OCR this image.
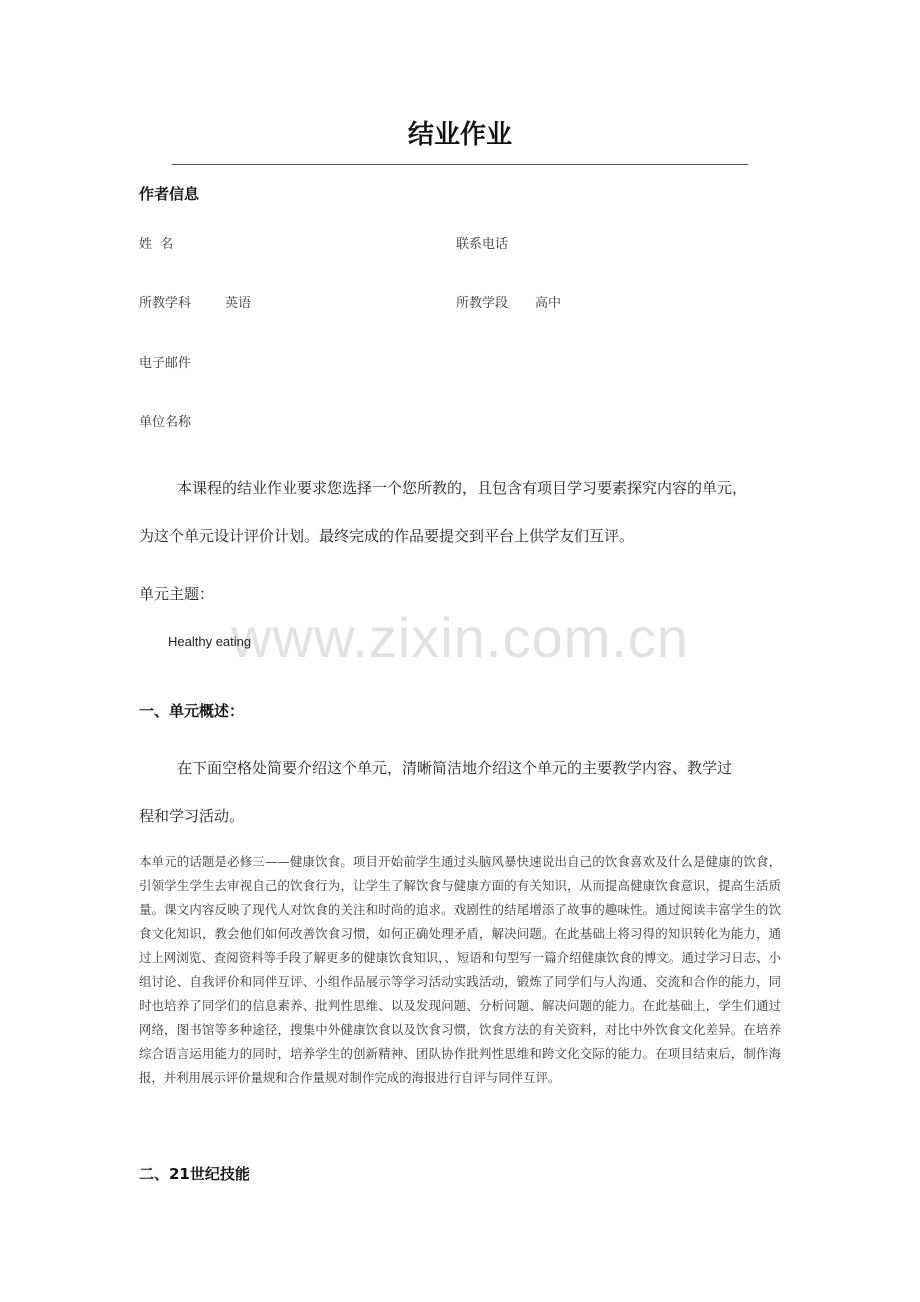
www.zixin.com.cn
结业作业
作者信息
姓  名	联系电话
所教学科	英语	所教学段 高中
电子邮件
单位名称
本课程的结业作业要求您选择一个您所教的，且包含有项目学习要素探究内容的单元，
为这个单元设计评价计划。最终完成的作品要提交到平台上供学友们互评。
单元主题：
Healthy eating
一、单元概述：
在下面空格处简要介绍这个单元，清晰简洁地介绍这个单元的主要教学内容、教学过
程和学习活动。

本单元的话题是必修三——健康饮食。项目开始前学生通过头脑风暴快速说出自己的饮食喜欢及什么是健康的饮食，引领学生学生去审视自己的饮食行为，让学生了解饮食与健康方面的有关知识，从而提高健康饮食意识，提高生活质量。课文内容反映了现代人对饮食的关注和时尚的追求。戏剧性的结尾增添了故事的趣味性。通过阅读丰富学生的饮食文化知识，教会他们如何改善饮食习惯，如何正确处理矛盾，解决问题。在此基础上将习得的知识转化为能力，通过上网浏览、查阅资料等手段了解更多的健康饮食知识，、短语和句型写一篇介绍健康饮食的博文。通过学习日志、小组讨论、自我评价和同伴互评、小组作品展示等学习活动实践活动，锻炼了同学们与人沟通、交流和合作的能力，同时也培养了同学们的信息素养、批判性思维、以及发现问题、分析问题、解决问题的能力。在此基础上，学生们通过网络，图书馆等多种途径，搜集中外健康饮食以及饮食习惯，饮食方法的有关资料，对比中外饮食文化差异。在培养综合语言运用能力的同时，培养学生的创新精神、团队协作批判性思维和跨文化交际的能力。在项目结束后，制作海报，并利用展示评价量规和合作量规对制作完成的海报进行自评与同伴互评。

二、21世纪技能
